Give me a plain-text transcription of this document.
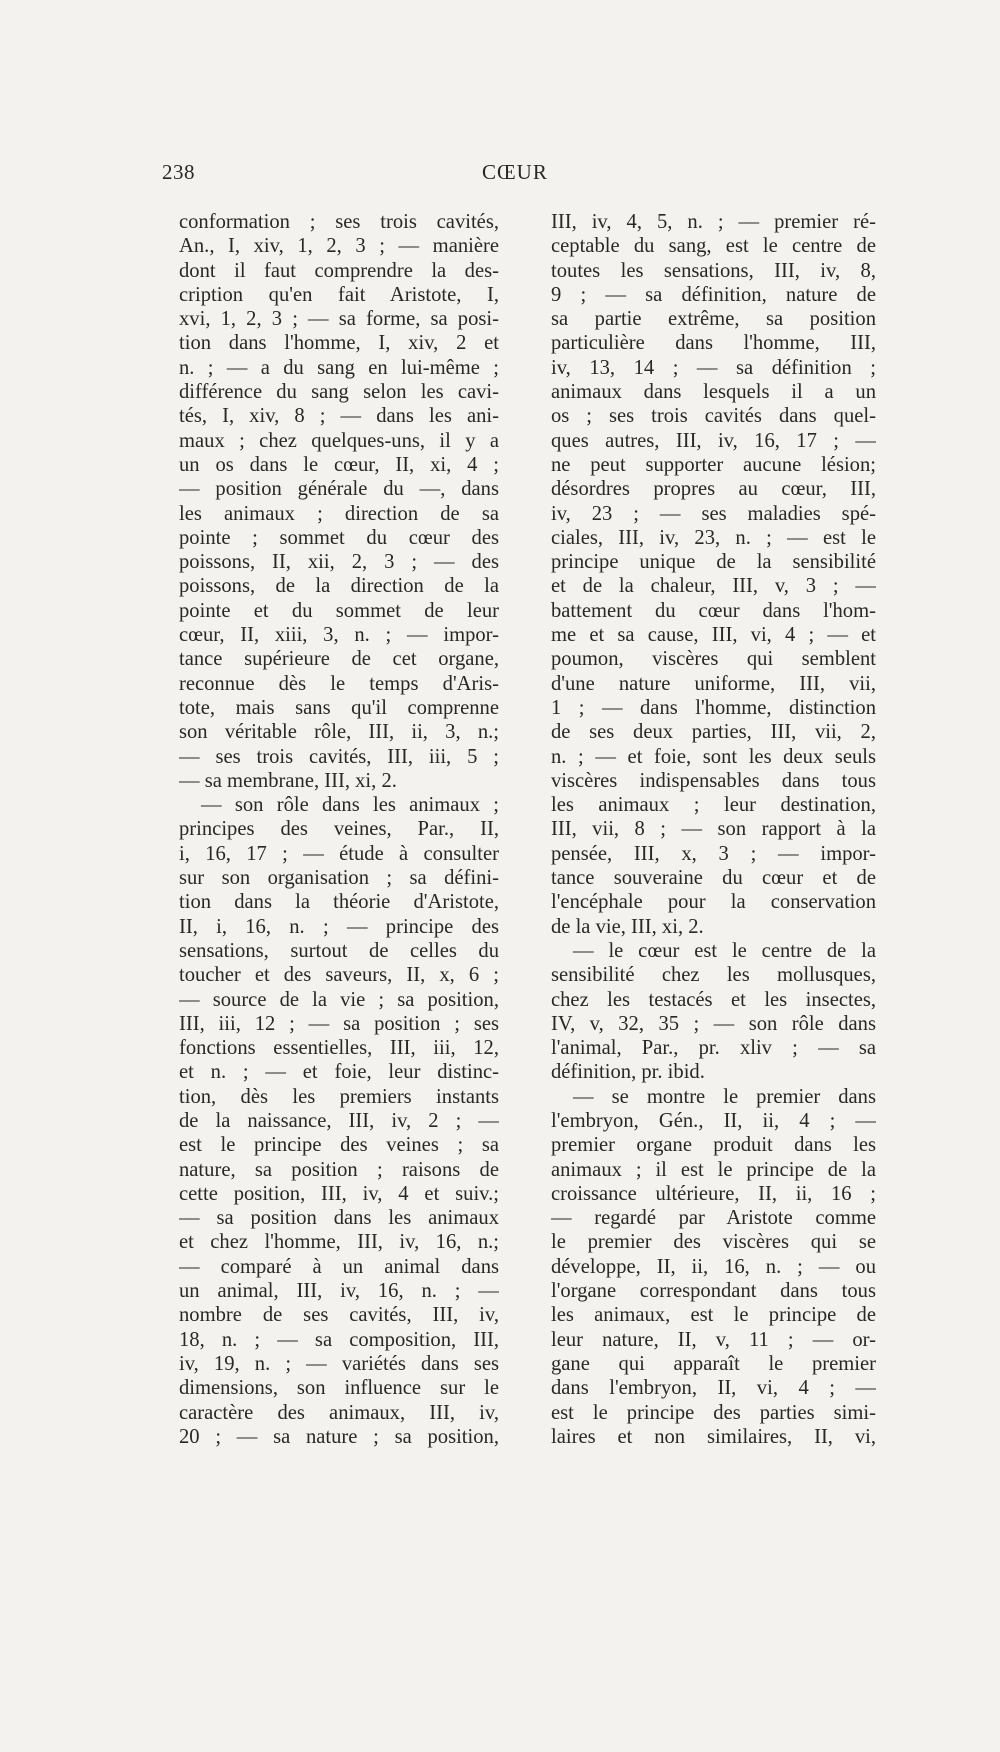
238	CŒUR
conformation ; ses trois cavités,
An., I, xiv, 1, 2, 3 ; — manière
dont il faut comprendre la des-
cription qu'en fait Aristote, I,
xvi, 1, 2, 3 ; — sa forme, sa posi-
tion dans l'homme, I, xiv, 2 et
n. ; — a du sang en lui-même ;
différence du sang selon les cavi-
tés, I, xiv, 8 ; — dans les ani-
maux ; chez quelques-uns, il y a
un os dans le cœur, II, xi, 4 ;
— position générale du —, dans
les animaux ; direction de sa
pointe ; sommet du cœur des
poissons, II, xii, 2, 3 ; — des
poissons, de la direction de la
pointe et du sommet de leur
cœur, II, xiii, 3, n. ; — impor-
tance supérieure de cet organe,
reconnue dès le temps d'Aris-
tote, mais sans qu'il comprenne
son véritable rôle, III, ii, 3, n.;
— ses trois cavités, III, iii, 5 ;
— sa membrane, III, xi, 2.
— son rôle dans les animaux ;
principes des veines, Par., II,
i, 16, 17 ; — étude à consulter
sur son organisation ; sa défini-
tion dans la théorie d'Aristote,
II, i, 16, n. ; — principe des
sensations, surtout de celles du
toucher et des saveurs, II, x, 6 ;
— source de la vie ; sa position,
III, iii, 12 ; — sa position ; ses
fonctions essentielles, III, iii, 12,
et n. ; — et foie, leur distinc-
tion, dès les premiers instants
de la naissance, III, iv, 2 ; —
est le principe des veines ; sa
nature, sa position ; raisons de
cette position, III, iv, 4 et suiv.;
— sa position dans les animaux
et chez l'homme, III, iv, 16, n.;
— comparé à un animal dans
un animal, III, iv, 16, n. ; —
nombre de ses cavités, III, iv,
18, n. ; — sa composition, III,
iv, 19, n. ; — variétés dans ses
dimensions, son influence sur le
caractère des animaux, III, iv,
20 ; — sa nature ; sa position,
III, iv, 4, 5, n. ; — premier ré-
ceptable du sang, est le centre de
toutes les sensations, III, iv, 8,
9 ; — sa définition, nature de
sa partie extrême, sa position
particulière dans l'homme, III,
iv, 13, 14 ; — sa définition ;
animaux dans lesquels il a un
os ; ses trois cavités dans quel-
ques autres, III, iv, 16, 17 ; —
ne peut supporter aucune lésion;
désordres propres au cœur, III,
iv, 23 ; — ses maladies spé-
ciales, III, iv, 23, n. ; — est le
principe unique de la sensibilité
et de la chaleur, III, v, 3 ; —
battement du cœur dans l'hom-
me et sa cause, III, vi, 4 ; — et
poumon, viscères qui semblent
d'une nature uniforme, III, vii,
1 ; — dans l'homme, distinction
de ses deux parties, III, vii, 2,
n. ; — et foie, sont les deux seuls
viscères indispensables dans tous
les animaux ; leur destination,
III, vii, 8 ; — son rapport à la
pensée, III, x, 3 ; — impor-
tance souveraine du cœur et de
l'encéphale pour la conservation
de la vie, III, xi, 2.
— le cœur est le centre de la
sensibilité chez les mollusques,
chez les testacés et les insectes,
IV, v, 32, 35 ; — son rôle dans
l'animal, Par., pr. xliv ; — sa
définition, pr. ibid.
— se montre le premier dans
l'embryon, Gén., II, ii, 4 ; —
premier organe produit dans les
animaux ; il est le principe de la
croissance ultérieure, II, ii, 16 ;
— regardé par Aristote comme
le premier des viscères qui se
développe, II, ii, 16, n. ; — ou
l'organe correspondant dans tous
les animaux, est le principe de
leur nature, II, v, 11 ; — or-
gane qui apparaît le premier
dans l'embryon, II, vi, 4 ; —
est le principe des parties simi-
laires et non similaires, II, vi,
